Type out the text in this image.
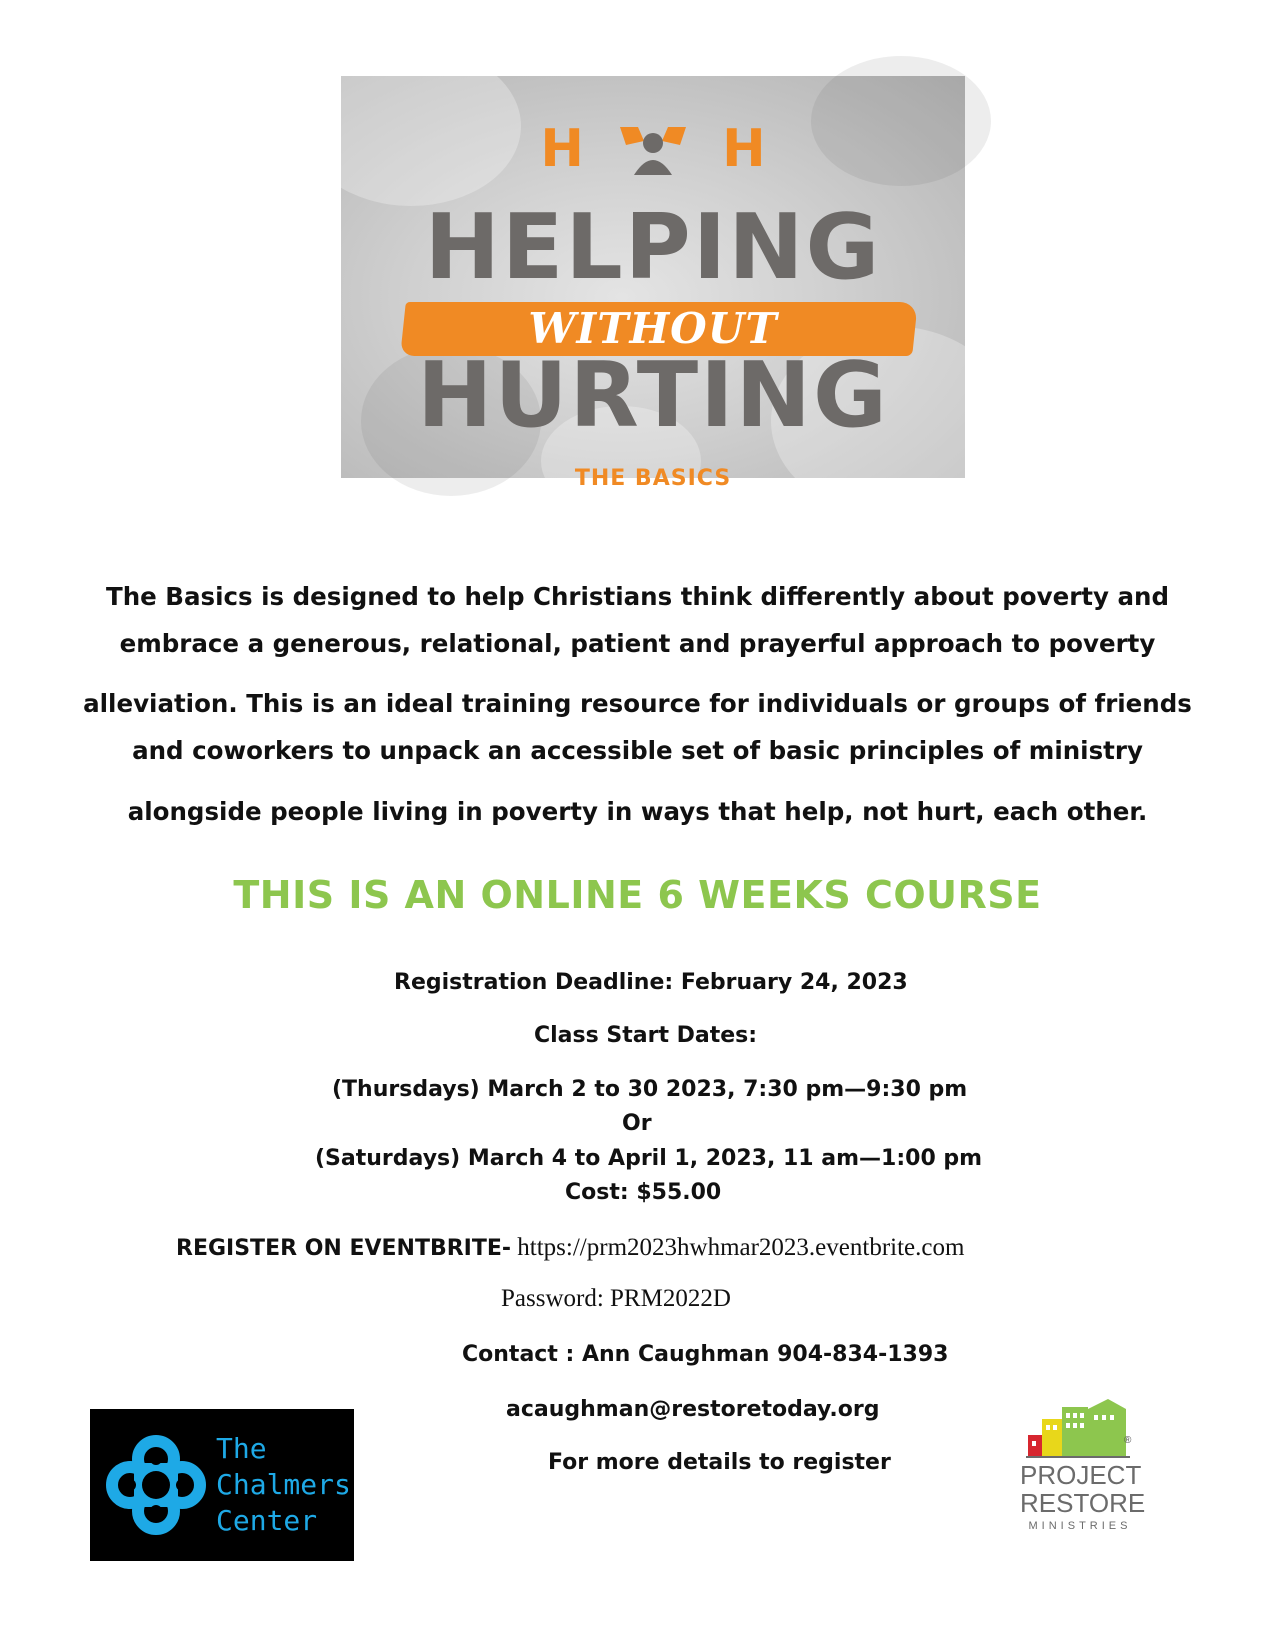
H	H
HELPING
WITHOUT
HURTING
THE BASICS
The Basics is designed to help Christians think differently about poverty and
embrace a generous, relational, patient and prayerful approach to poverty
alleviation. This is an ideal training resource for individuals or groups of friends
and coworkers to unpack an accessible set of basic principles of ministry
alongside people living in poverty in ways that help, not hurt, each other.
THIS IS AN ONLINE 6 WEEKS COURSE
Registration Deadline: February 24, 2023
Class Start Dates:
(Thursdays) March 2 to 30 2023, 7:30 pm—9:30 pm
Or
(Saturdays) March 4 to April 1, 2023, 11 am—1:00 pm
Cost: $55.00
REGISTER ON EVENTBRITE- https://prm2023hwhmar2023.eventbrite.com
Password: PRM2022D
Contact : Ann Caughman 904-834-1393
acaughman@restoretoday.org
For more details to register
The
Chalmers
Center
®
PROJECT
RESTORE
MINISTRIES
